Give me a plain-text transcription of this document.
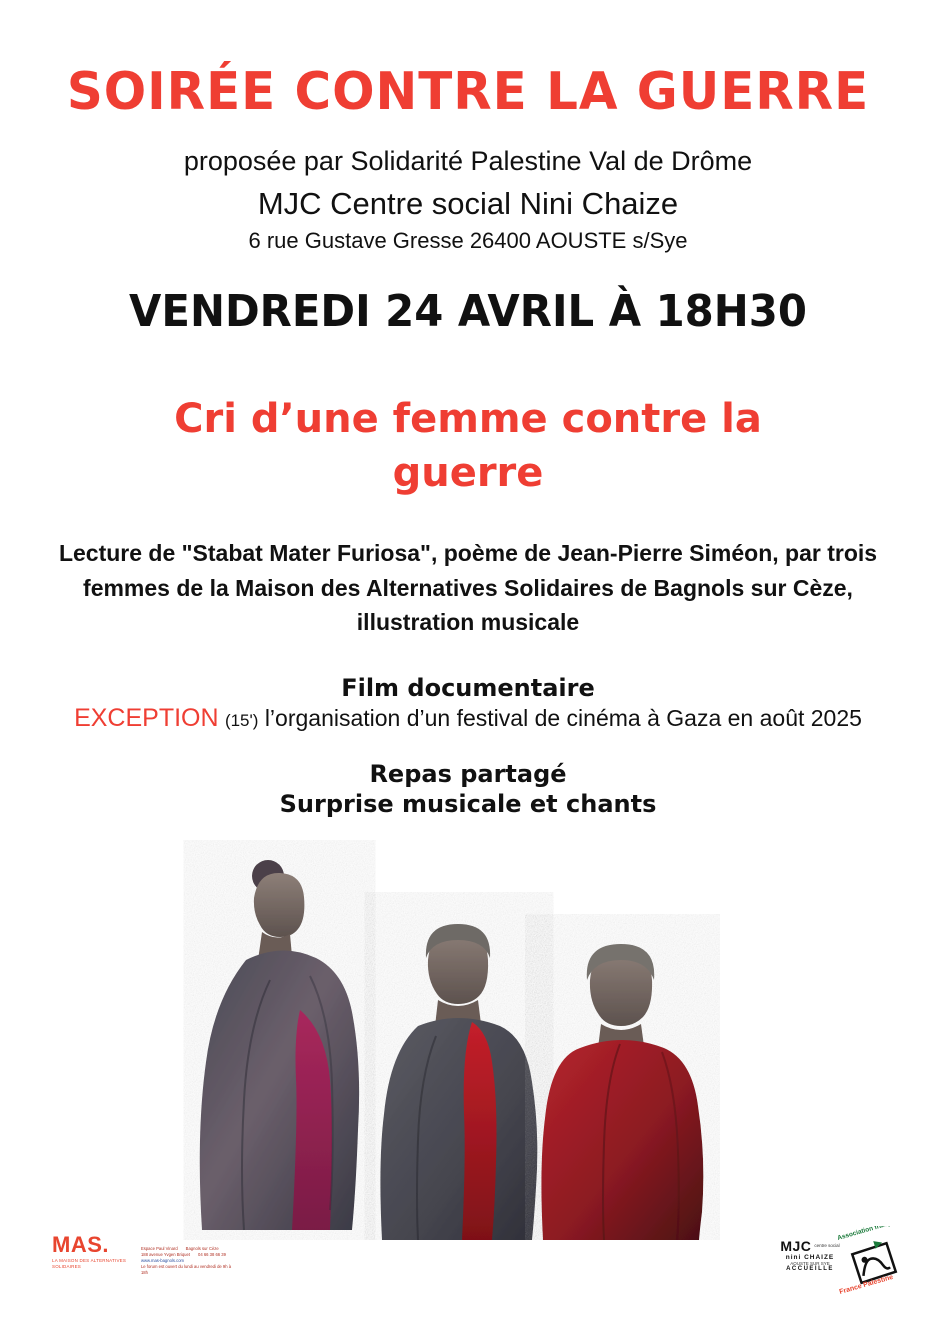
SOIRÉE CONTRE LA GUERRE
proposée par Solidarité Palestine Val de Drôme
MJC Centre social Nini Chaize
6 rue Gustave Gresse 26400 AOUSTE s/Sye
VENDREDI 24 AVRIL À 18H30
Cri d’une femme contre la guerre
Lecture de "Stabat Mater Furiosa", poème de Jean-Pierre Siméon, par trois femmes de la Maison des Alternatives Solidaires de Bagnols sur Cèze, illustration musicale
Film documentaire
EXCEPTION (15') l’organisation d’un festival de cinéma à Gaza en août 2025
Repas partagé
Surprise musicale et chants
MAS.
LA MAISON DES ALTERNATIVES SOLIDAIRES
Espace Paul Vinard Bagnols sur Cèze
188 avenue Yvgen Briquet 04 66 38 66 39
www.mas-bagnols.com
Le forum est ouvert du lundi au vendredi de 9h à 18h
MJC centre social
nini CHAIZE
AOUSTE SUR SYE
ACCUEILLE
Association française
France Palestine
